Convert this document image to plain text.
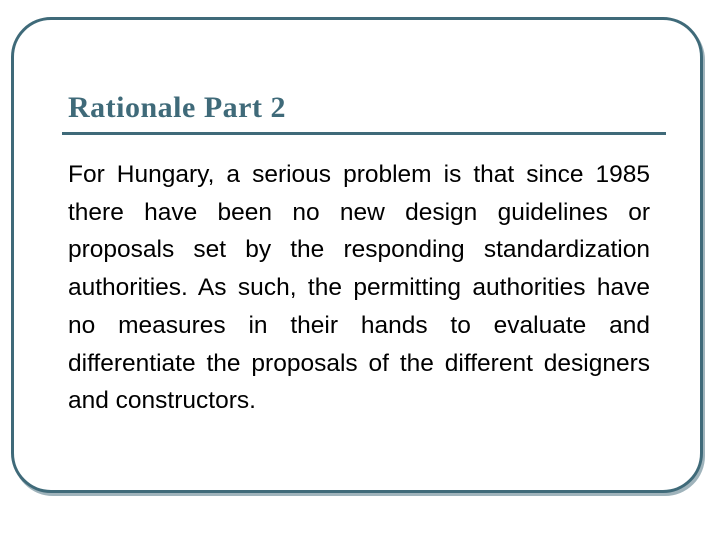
Rationale Part 2

For Hungary, a serious problem is that since 1985 there have been no new design guidelines or proposals set by the responding standardization authorities. As such, the permitting authorities have no measures in their hands to evaluate and differentiate the proposals of the different designers and constructors.
